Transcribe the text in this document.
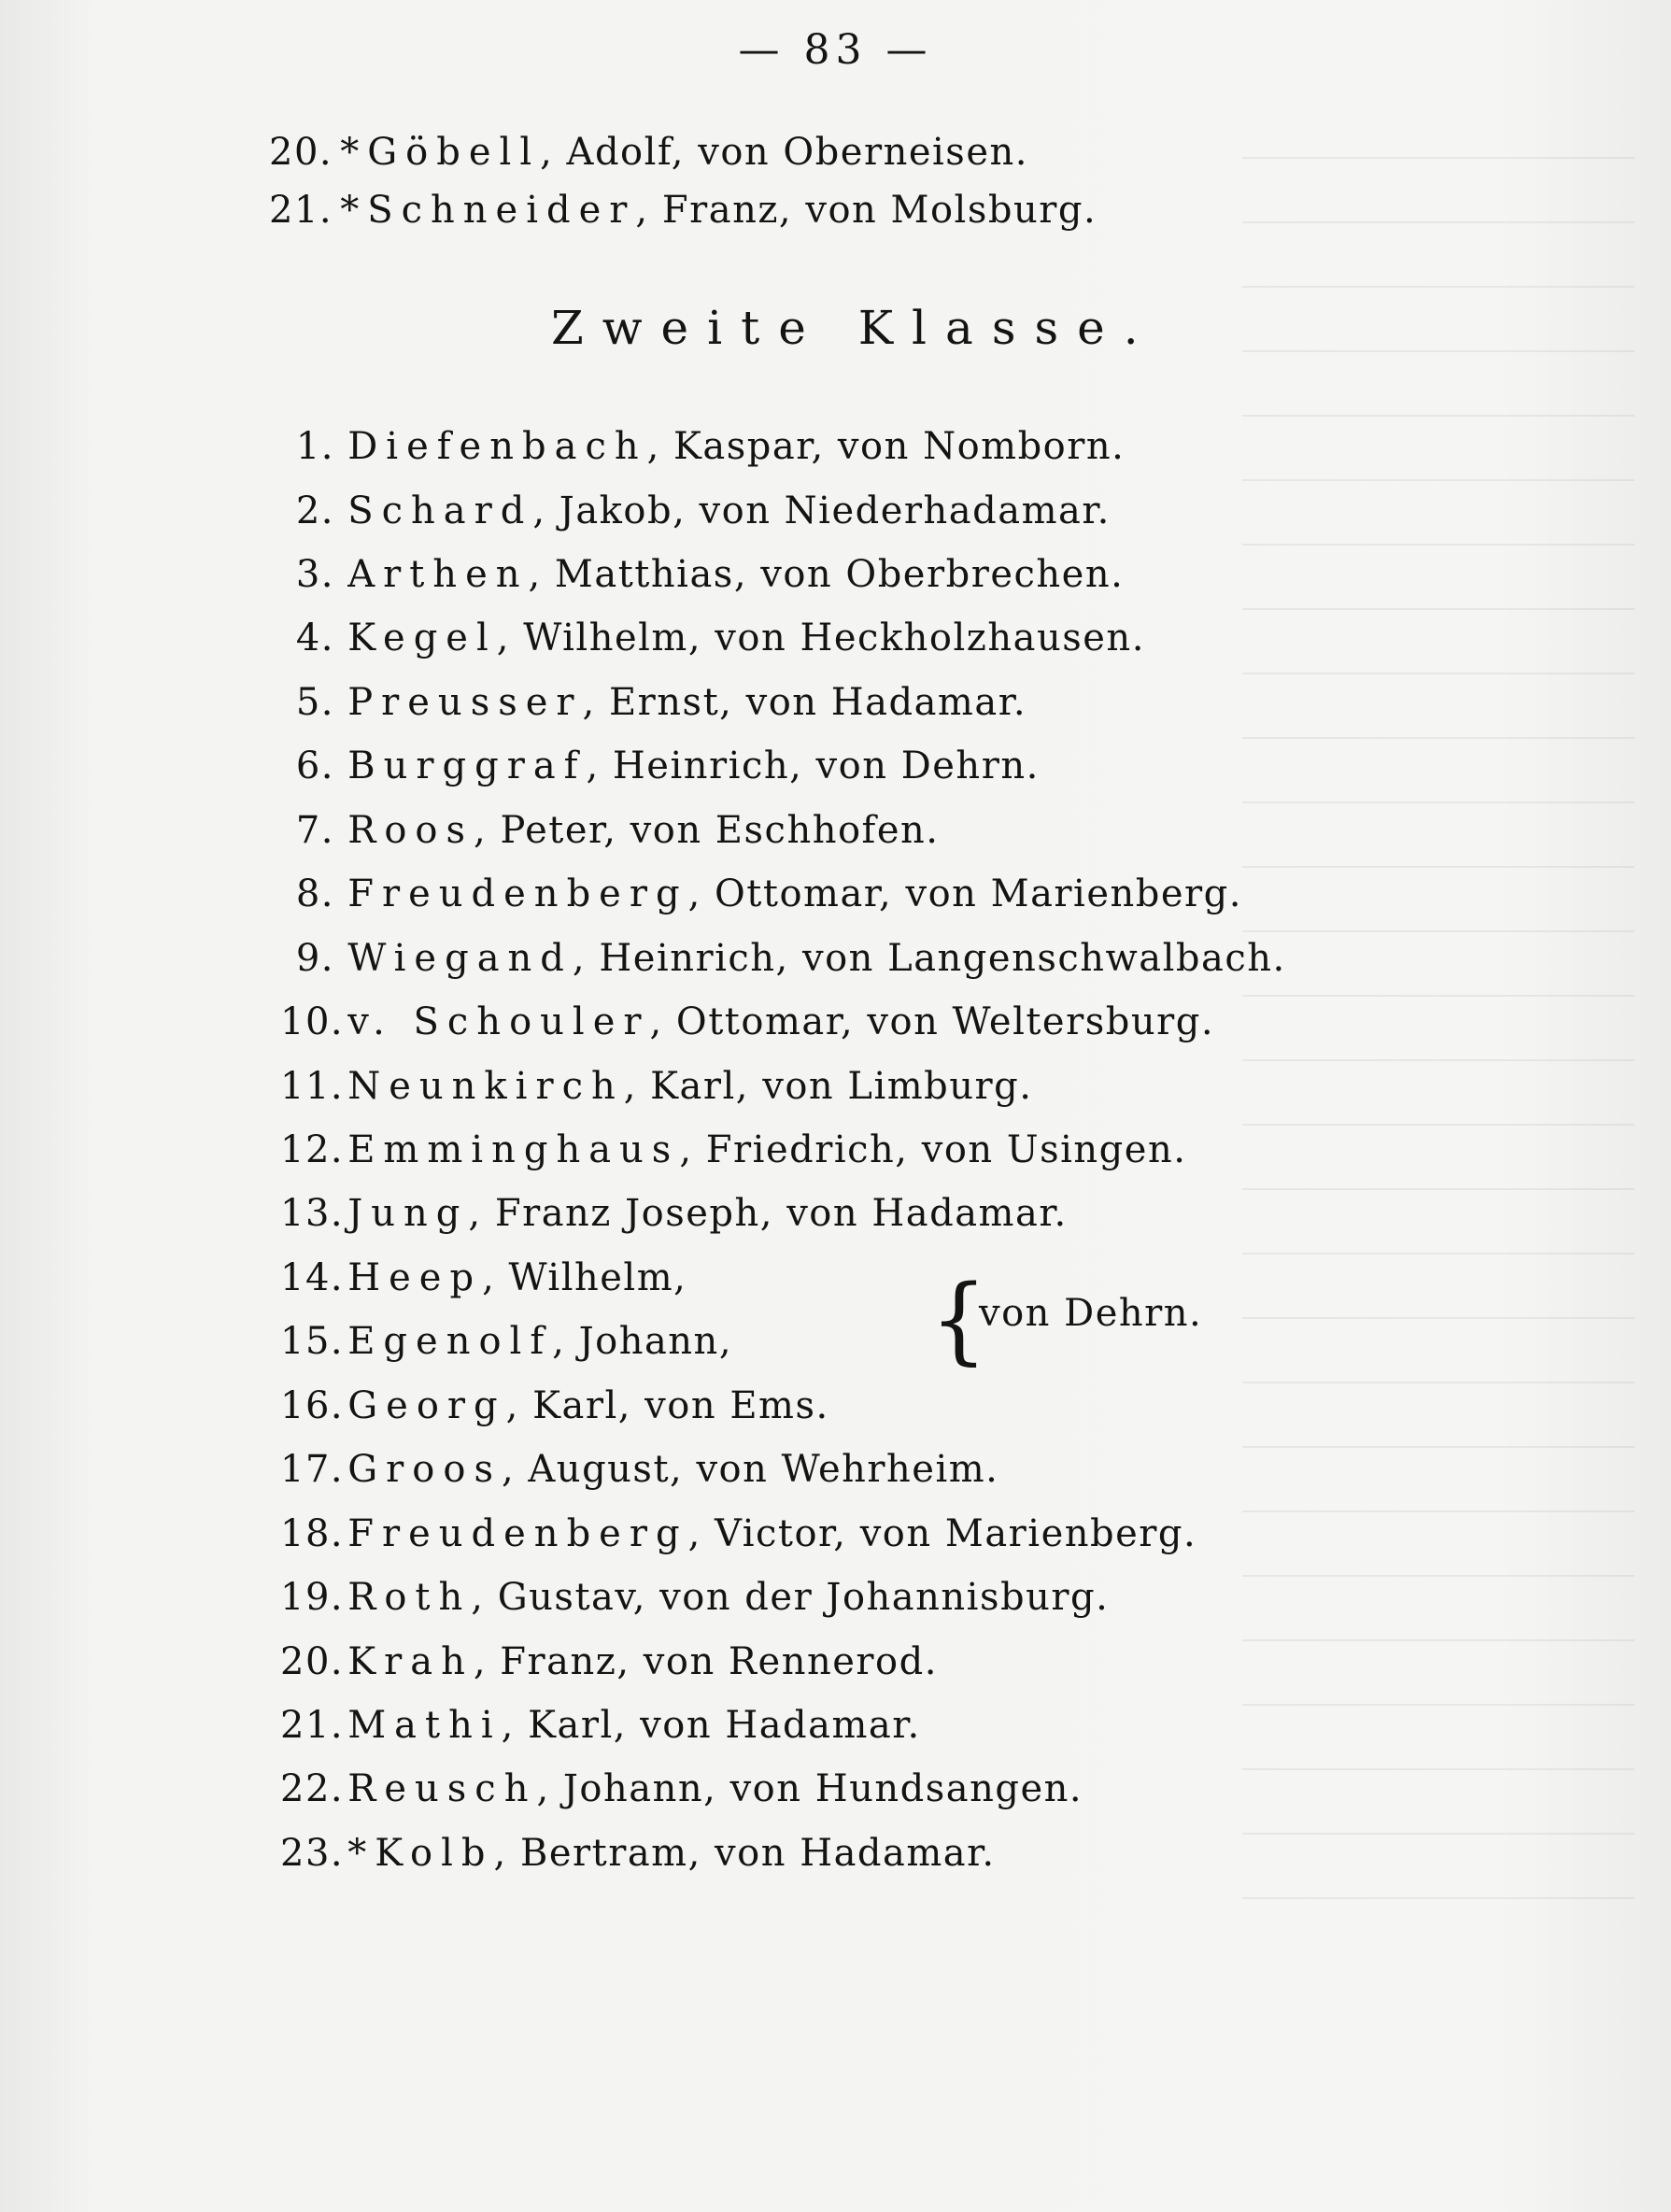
— 83 —
20. *Göbell, Adolf, von Oberneisen.
21. *Schneider, Franz, von Molsburg.
Zweite Klasse.
1. Diefenbach, Kaspar, von Nomborn.
2. Schard, Jakob, von Niederhadamar.
3. Arthen, Matthias, von Oberbrechen.
4. Kegel, Wilhelm, von Heckholzhausen.
5. Preusser, Ernst, von Hadamar.
6. Burggraf, Heinrich, von Dehrn.
7. Roos, Peter, von Eschhofen.
8. Freudenberg, Ottomar, von Marienberg.
9. Wiegand, Heinrich, von Langenschwalbach.
10. v. Schouler, Ottomar, von Weltersburg.
11. Neunkirch, Karl, von Limburg.
12. Emminghaus, Friedrich, von Usingen.
13. Jung, Franz Joseph, von Hadamar.
14. Heep, Wilhelm,
15. Egenolf, Johann, {
von Dehrn.
16. Georg, Karl, von Ems.
17. Groos, August, von Wehrheim.
18. Freudenberg, Victor, von Marienberg.
19. Roth, Gustav, von der Johannisburg.
20. Krah, Franz, von Rennerod.
21. Mathi, Karl, von Hadamar.
22. Reusch, Johann, von Hundsangen.
23. *Kolb, Bertram, von Hadamar.
